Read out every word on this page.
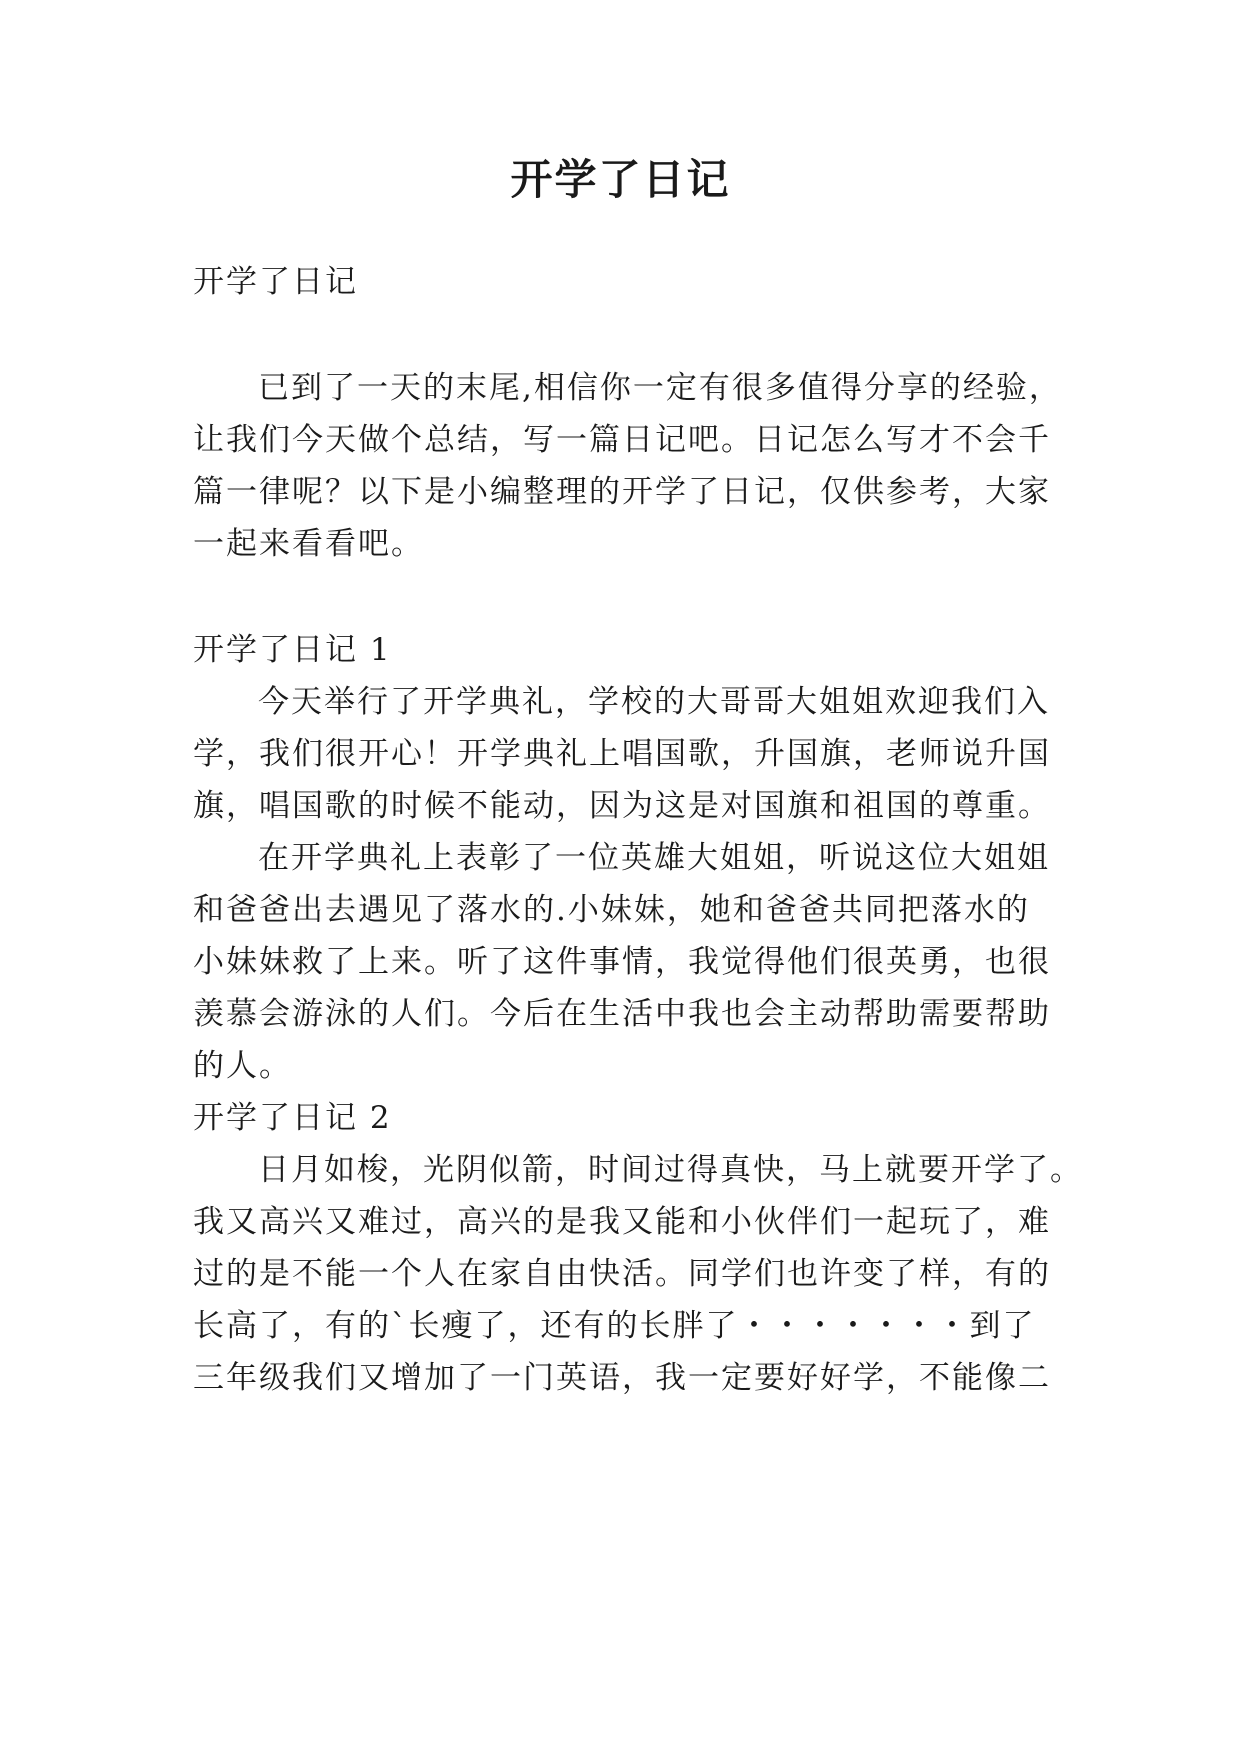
开学了日记
开学了日记
已到了一天的末尾,相信你一定有很多值得分享的经验，
让我们今天做个总结，写一篇日记吧。日记怎么写才不会千
篇一律呢？以下是小编整理的开学了日记，仅供参考，大家
一起来看看吧。
开学了日记 1
今天举行了开学典礼，学校的大哥哥大姐姐欢迎我们入
学，我们很开心！开学典礼上唱国歌，升国旗，老师说升国
旗，唱国歌的时候不能动，因为这是对国旗和祖国的尊重。
在开学典礼上表彰了一位英雄大姐姐，听说这位大姐姐
和爸爸出去遇见了落水的.小妹妹，她和爸爸共同把落水的
小妹妹救了上来。听了这件事情，我觉得他们很英勇，也很
羡慕会游泳的人们。今后在生活中我也会主动帮助需要帮助
的人。
开学了日记 2
日月如梭，光阴似箭，时间过得真快，马上就要开学了。
我又高兴又难过，高兴的是我又能和小伙伴们一起玩了，难
过的是不能一个人在家自由快活。同学们也许变了样，有的
长高了，有的`长瘦了，还有的长胖了・・・・・・・到了
三年级我们又增加了一门英语，我一定要好好学，不能像二
